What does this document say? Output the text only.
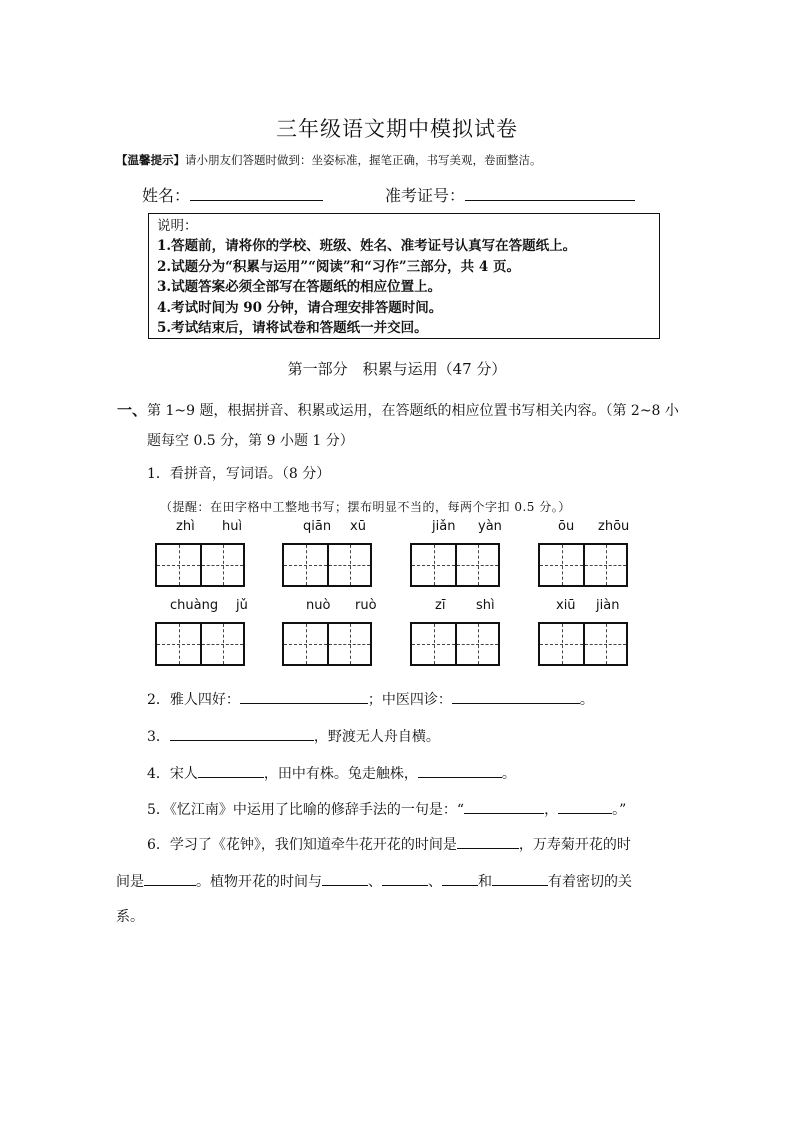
三年级语文期中模拟试卷
【温馨提示】请小朋友们答题时做到：坐姿标准，握笔正确，书写美观，卷面整洁。
姓名：	准考证号：
说明：
1.答题前，请将你的学校、班级、姓名、准考证号认真写在答题纸上。
2.试题分为“积累与运用”“阅读”和“习作”三部分，共 4 页。
3.试题答案必须全部写在答题纸的相应位置上。
4.考试时间为 90 分钟，请合理安排答题时间。
5.考试结束后，请将试卷和答题纸一并交回。
第一部分　积累与运用（47 分）
一、第 1~9 题，根据拼音、积累或运用，在答题纸的相应位置书写相关内容。（第 2~8 小
题每空 0.5 分，第 9 小题 1 分）
1．看拼音，写词语。（8 分）
（提醒：在田字格中工整地书写；摆布明显不当的，每两个字扣 0.5 分。）
zhì huì	qiān xū	jiǎn yàn	ōu zhōu
chuàng jǔ	nuò ruò	zī shì	xiū jiàn
2．雅人四好：	；中医四诊：	。
3．	，野渡无人舟自横。
4．宋人	，田中有株。兔走触株，	。
5．《忆江南》中运用了比喻的修辞手法的一句是：“	，	。”
6．学习了《花钟》，我们知道牵牛花开花的时间是	，万寿菊开花的时
间是	。植物开花的时间与	、	、	和	有着密切的关
系。
